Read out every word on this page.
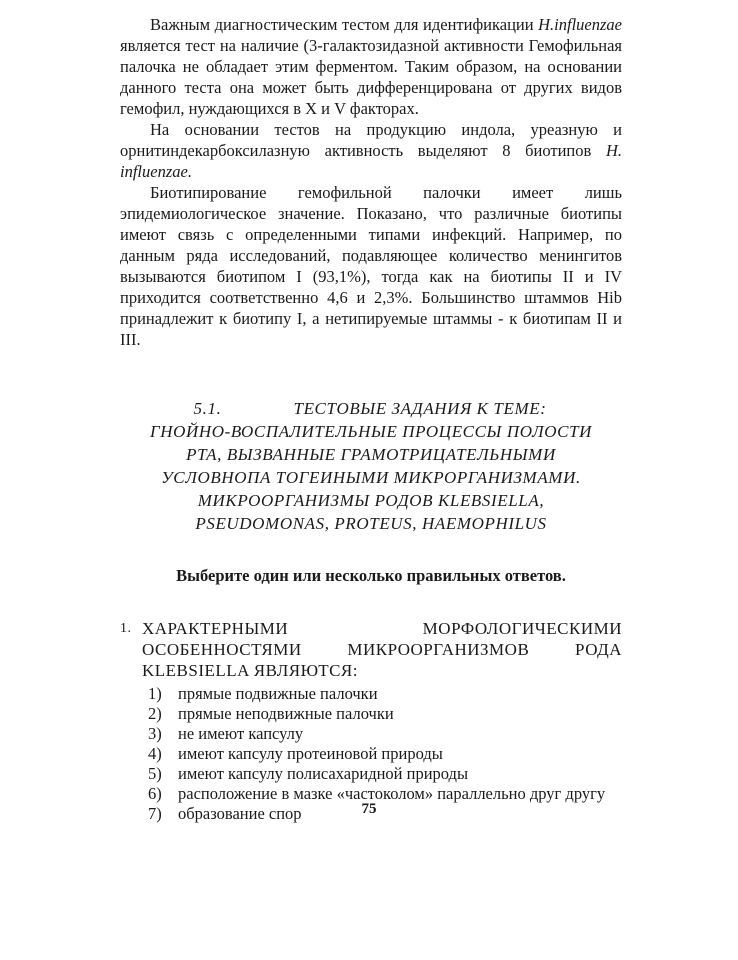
Важным диагностическим тестом для идентификации H.influenzae является тест на наличие (3-галактозидазной активности Гемофильная палочка не обладает этим ферментом. Таким образом, на основании данного теста она может быть дифференцирована от других видов гемофил, нуждающихся в X и V факторах.

На основании тестов на продукцию индола, уреазную и орнитиндекарбоксилазную активность выделяют 8 биотипов H. influenzae.

Биотипирование гемофильной палочки имеет лишь эпидемиологическое значение. Показано, что различные биотипы имеют связь с определенными типами инфекций. Например, по данным ряда исследований, подавляющее количество менингитов вызываются биотипом I (93,1%), тогда как на биотипы II и IV приходится соответственно 4,6 и 2,3%. Большинство штаммов Hib принадлежит к биотипу I, а нетипируемые штаммы - к биотипам II и III.

5.1.	ТЕСТОВЫЕ ЗАДАНИЯ К ТЕМЕ:
ГНОЙНО-ВОСПАЛИТЕЛЬНЫЕ ПРОЦЕССЫ ПОЛОСТИ
РТА, ВЫЗВАННЫЕ ГРАМОТРИЦАТЕЛЬНЫМИ
УСЛОВНОПА ТОГЕИНЫМИ МИКРОРГАНИЗМАМИ.
МИКРООРГАНИЗМЫ РОДОВ KLEBSIELLA,
PSEUDOMONAS, PROTEUS, HAEMOPHILUS
Выберите один или несколько правильных ответов.
1. ХАРАКТЕРНЫМИ МОРФОЛОГИЧЕСКИМИ ОСОБЕННОСТЯМИ МИКРООРГАНИЗМОВ РОДА KLEBSIELLA ЯВЛЯЮТСЯ:
1) прямые подвижные палочки
2) прямые неподвижные палочки
3) не имеют капсулу
4) имеют капсулу протеиновой природы
5) имеют капсулу полисахаридной природы
6) расположение в мазке «частоколом» параллельно друг другу
7) образование спор	75
